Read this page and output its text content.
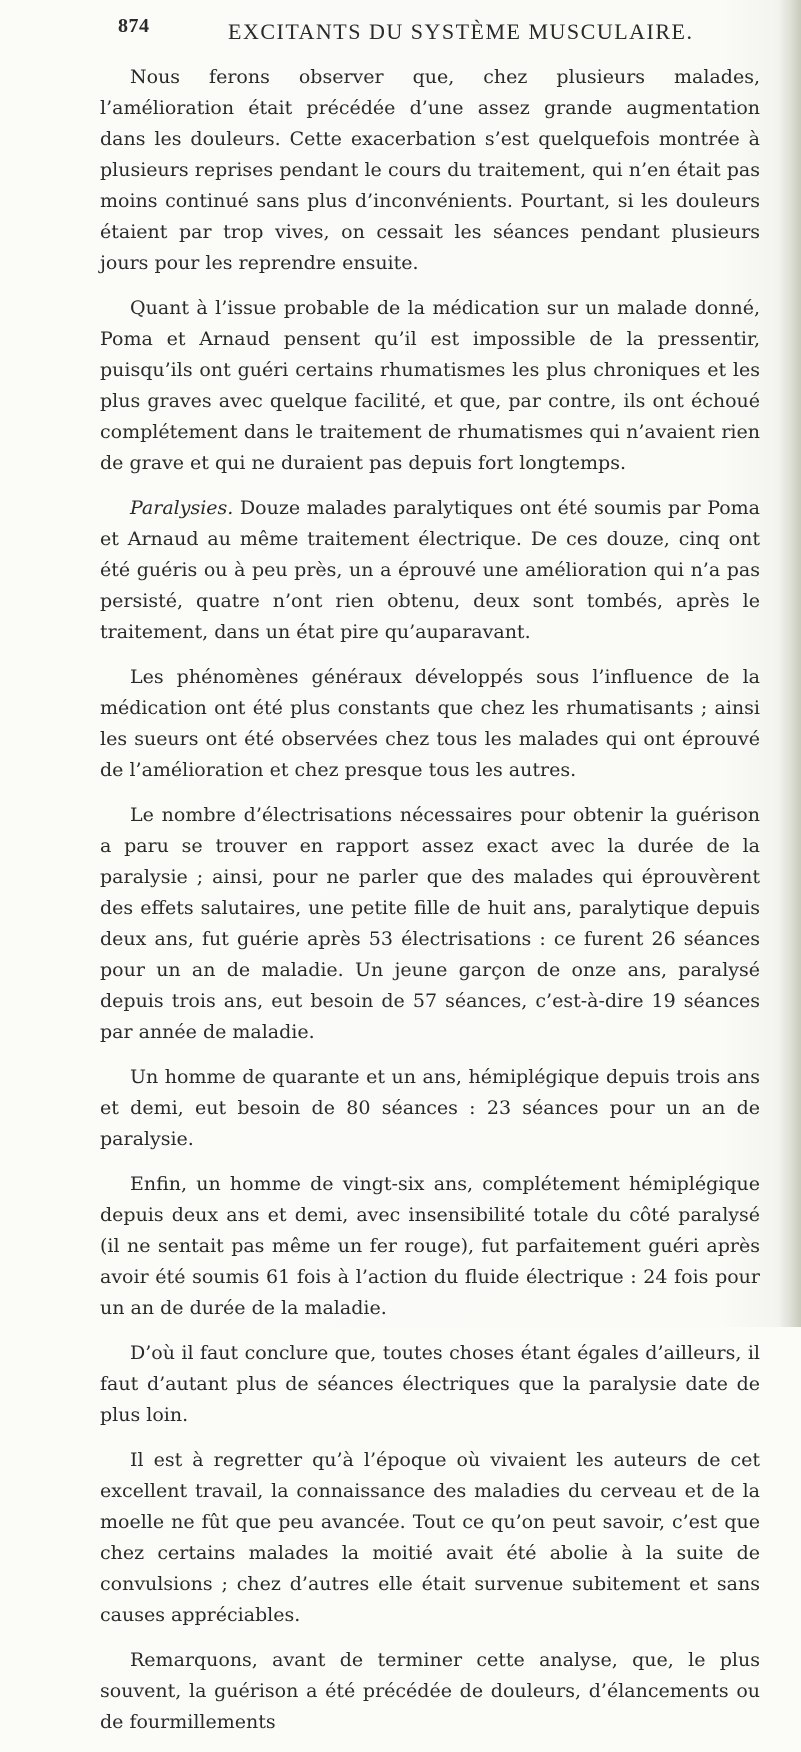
874	EXCITANTS DU SYSTÈME MUSCULAIRE.

Nous ferons observer que, chez plusieurs malades, l’amélioration était précédée d’une assez grande augmentation dans les douleurs. Cette exacerbation s’est quelquefois montrée à plusieurs reprises pendant le cours du traitement, qui n’en était pas moins continué sans plus d’inconvénients. Pourtant, si les douleurs étaient par trop vives, on cessait les séances pendant plusieurs jours pour les reprendre ensuite.

Quant à l’issue probable de la médication sur un malade donné, Poma et Arnaud pensent qu’il est impossible de la pressentir, puisqu’ils ont guéri certains rhumatismes les plus chroniques et les plus graves avec quelque facilité, et que, par contre, ils ont échoué complétement dans le traitement de rhumatismes qui n’avaient rien de grave et qui ne duraient pas depuis fort longtemps.

Paralysies. Douze malades paralytiques ont été soumis par Poma et Arnaud au même traitement électrique. De ces douze, cinq ont été guéris ou à peu près, un a éprouvé une amélioration qui n’a pas persisté, quatre n’ont rien obtenu, deux sont tombés, après le traitement, dans un état pire qu’auparavant.

Les phénomènes généraux développés sous l’influence de la médication ont été plus constants que chez les rhumatisants ; ainsi les sueurs ont été observées chez tous les malades qui ont éprouvé de l’amélioration et chez presque tous les autres.

Le nombre d’électrisations nécessaires pour obtenir la guérison a paru se trouver en rapport assez exact avec la durée de la paralysie ; ainsi, pour ne parler que des malades qui éprouvèrent des effets salutaires, une petite fille de huit ans, paralytique depuis deux ans, fut guérie après 53 électrisations : ce furent 26 séances pour un an de maladie. Un jeune garçon de onze ans, paralysé depuis trois ans, eut besoin de 57 séances, c’est-à-dire 19 séances par année de maladie.

Un homme de quarante et un ans, hémiplégique depuis trois ans et demi, eut besoin de 80 séances : 23 séances pour un an de paralysie.

Enfin, un homme de vingt-six ans, complétement hémiplégique depuis deux ans et demi, avec insensibilité totale du côté paralysé (il ne sentait pas même un fer rouge), fut parfaitement guéri après avoir été soumis 61 fois à l’action du fluide électrique : 24 fois pour un an de durée de la maladie.

D’où il faut conclure que, toutes choses étant égales d’ailleurs, il faut d’autant plus de séances électriques que la paralysie date de plus loin.

Il est à regretter qu’à l’époque où vivaient les auteurs de cet excellent travail, la connaissance des maladies du cerveau et de la moelle ne fût que peu avancée. Tout ce qu’on peut savoir, c’est que chez certains malades la moitié avait été abolie à la suite de convulsions ; chez d’autres elle était survenue subitement et sans causes appréciables.

Remarquons, avant de terminer cette analyse, que, le plus souvent, la guérison a été précédée de douleurs, d’élancements ou de fourmillements
